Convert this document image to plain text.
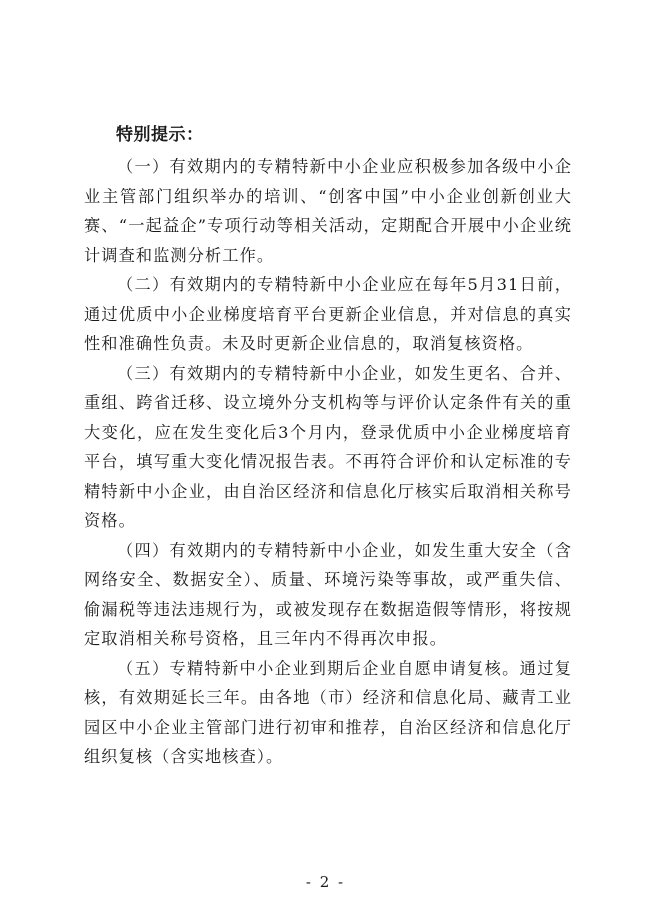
特别提示：

（一）有效期内的专精特新中小企业应积极参加各级中小企业主管部门组织举办的培训、“创客中国”中小企业创新创业大赛、“一起益企”专项行动等相关活动，定期配合开展中小企业统计调查和监测分析工作。

（二）有效期内的专精特新中小企业应在每年5月31日前，通过优质中小企业梯度培育平台更新企业信息，并对信息的真实性和准确性负责。未及时更新企业信息的，取消复核资格。

（三）有效期内的专精特新中小企业，如发生更名、合并、重组、跨省迁移、设立境外分支机构等与评价认定条件有关的重大变化，应在发生变化后3个月内，登录优质中小企业梯度培育平台，填写重大变化情况报告表。不再符合评价和认定标准的专精特新中小企业，由自治区经济和信息化厅核实后取消相关称号资格。

（四）有效期内的专精特新中小企业，如发生重大安全（含网络安全、数据安全）、质量、环境污染等事故，或严重失信、偷漏税等违法违规行为，或被发现存在数据造假等情形，将按规定取消相关称号资格，且三年内不得再次申报。

（五）专精特新中小企业到期后企业自愿申请复核。通过复核，有效期延长三年。由各地（市）经济和信息化局、藏青工业园区中小企业主管部门进行初审和推荐，自治区经济和信息化厅组织复核（含实地核查）。

- 2 -
